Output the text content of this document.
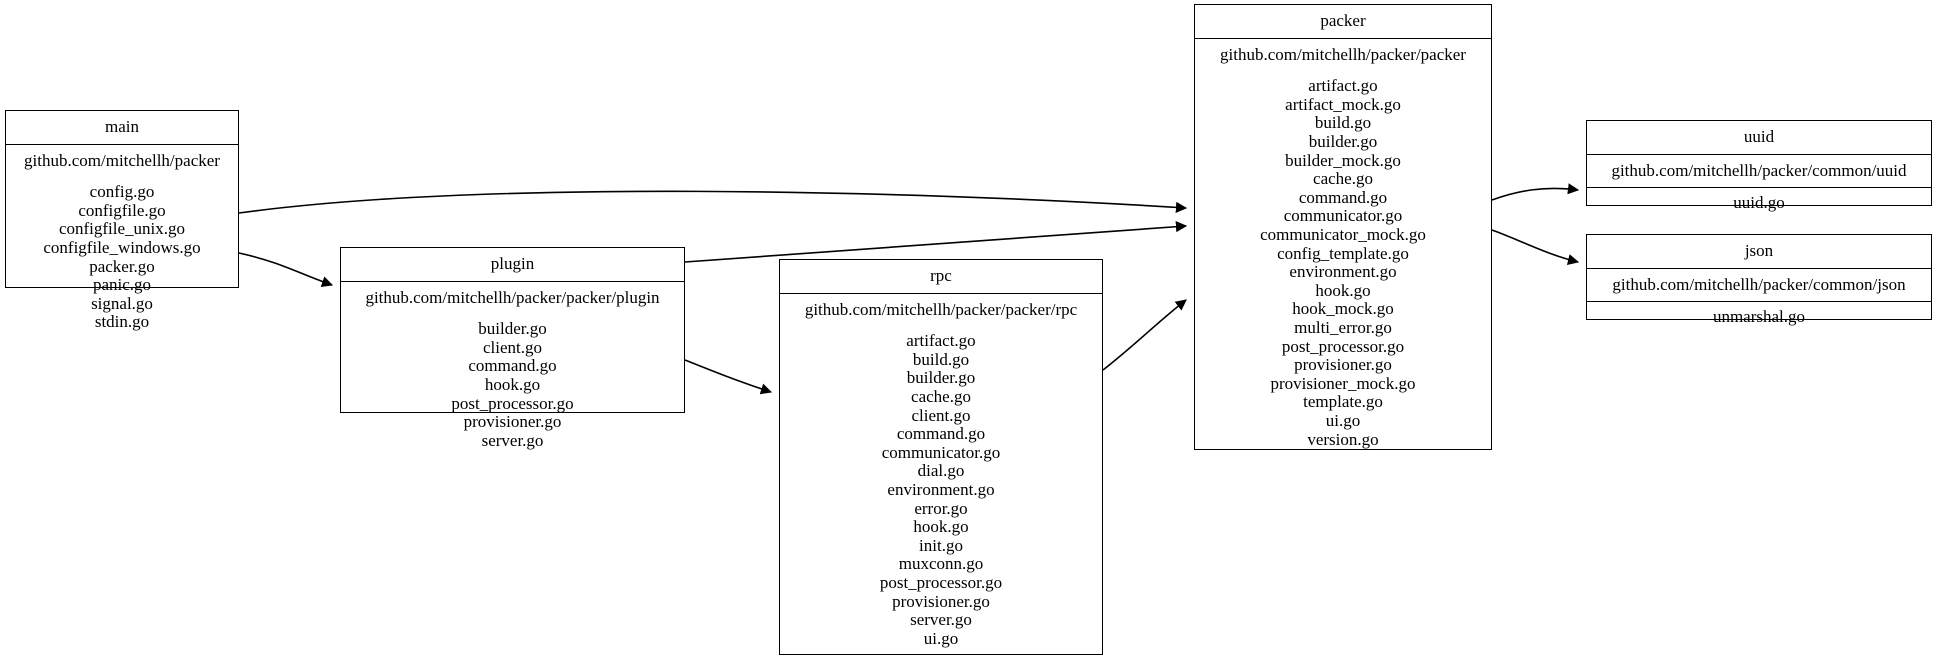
main
github.com/mitchellh/packer
config.go
configfile.go
configfile_unix.go
configfile_windows.go
packer.go
panic.go
signal.go
stdin.go
plugin
github.com/mitchellh/packer/packer/plugin
builder.go
client.go
command.go
hook.go
post_processor.go
provisioner.go
server.go
rpc
github.com/mitchellh/packer/packer/rpc
artifact.go
build.go
builder.go
cache.go
client.go
command.go
communicator.go
dial.go
environment.go
error.go
hook.go
init.go
muxconn.go
post_processor.go
provisioner.go
server.go
ui.go
packer
github.com/mitchellh/packer/packer
artifact.go
artifact_mock.go
build.go
builder.go
builder_mock.go
cache.go
command.go
communicator.go
communicator_mock.go
config_template.go
environment.go
hook.go
hook_mock.go
multi_error.go
post_processor.go
provisioner.go
provisioner_mock.go
template.go
ui.go
version.go
uuid
github.com/mitchellh/packer/common/uuid
uuid.go
json
github.com/mitchellh/packer/common/json
unmarshal.go
